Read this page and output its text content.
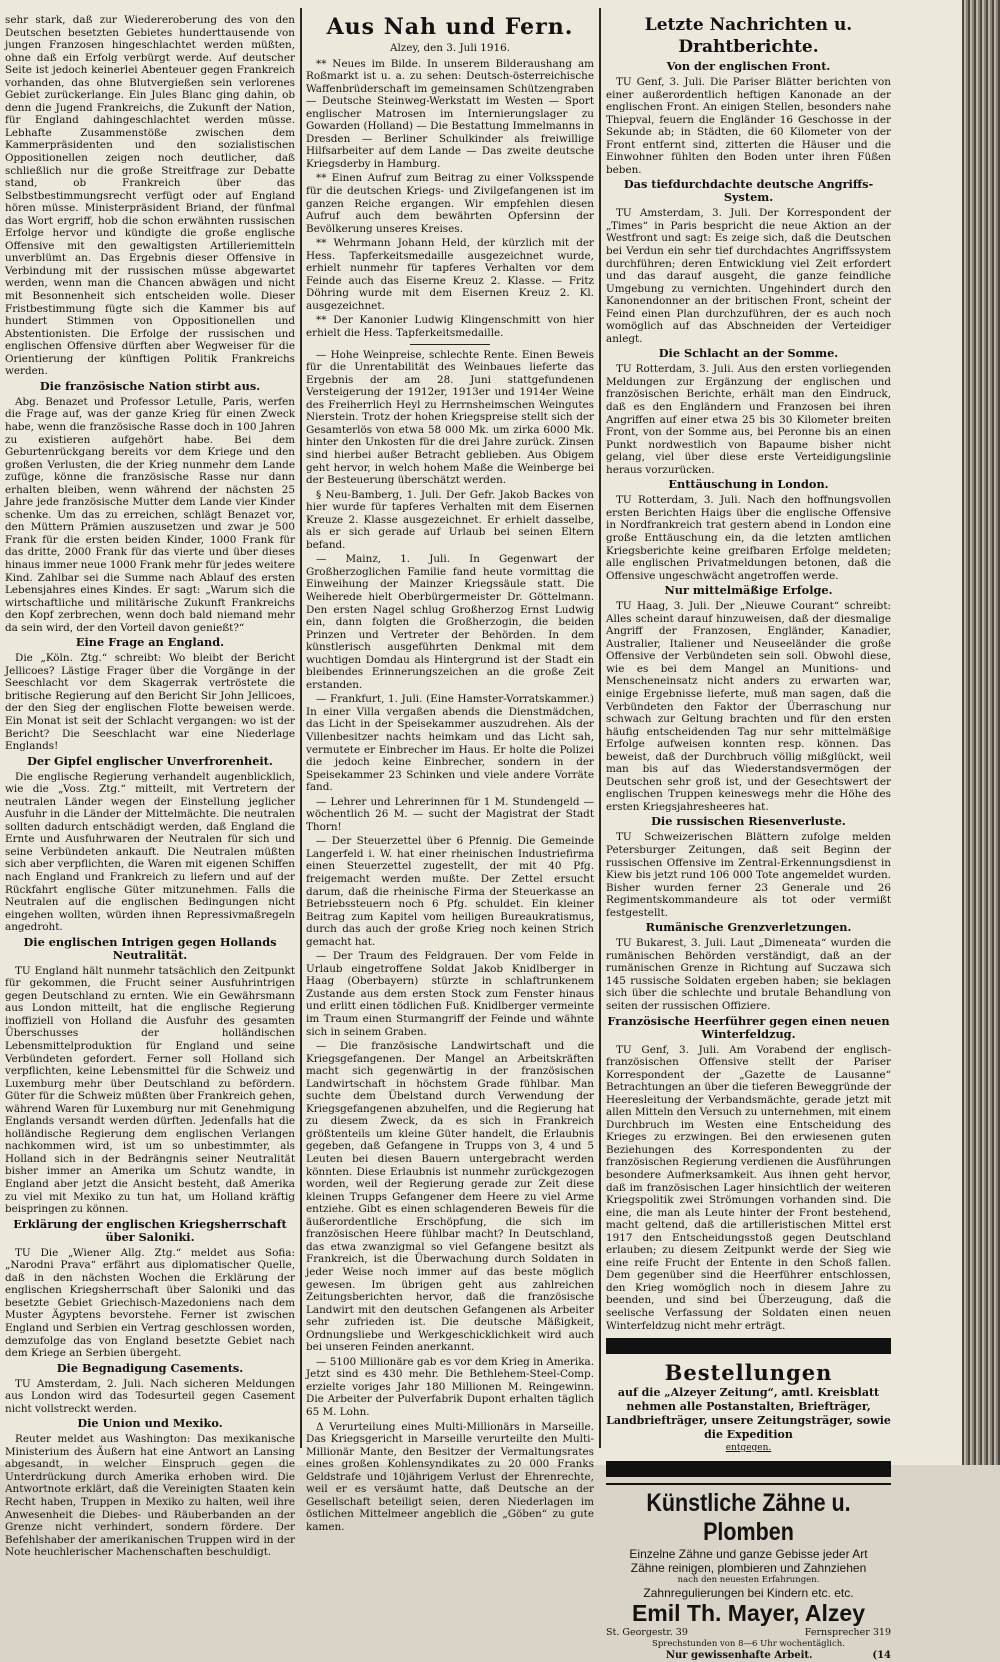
sehr stark, daß zur Wiedereroberung des von den Deutschen besetzten Gebietes hunderttausende von jungen Franzosen hingeschlachtet werden müßten, ohne daß ein Erfolg verbürgt werde. Auf deutscher Seite ist jedoch keinerlei Abenteuer gegen Frankreich vorhanden, das ohne Blutvergießen sein verlorenes Gebiet zurückerlange. Ein Jules Blanc ging dahin, ob denn die Jugend Frankreichs, die Zukunft der Nation, für England dahingeschlachtet werden müsse. Lebhafte Zusammenstöße zwischen dem Kammerpräsidenten und den sozialistischen Oppositionellen zeigen noch deutlicher, daß schließlich nur die große Streitfrage zur Debatte stand, ob Frankreich über das Selbstbestimmungsrecht verfügt oder auf England hören müsse. Ministerpräsident Briand, der fünfmal das Wort ergriff, hob die schon erwähnten russischen Erfolge hervor und kündigte die große englische Offensive mit den gewaltigsten Artilleriemitteln unverblümt an. Das Ergebnis dieser Offensive in Verbindung mit der russischen müsse abgewartet werden, wenn man die Chancen abwägen und nicht mit Besonnenheit sich entscheiden wolle. Dieser Fristbestimmung fügte sich die Kammer bis auf hundert Stimmen von Oppositionellen und Abstentionisten. Die Erfolge der russischen und englischen Offensive dürften aber Wegweiser für die Orientierung der künftigen Politik Frankreichs werden.

Die französische Nation stirbt aus.

Abg. Benazet und Professor Letulle, Paris, werfen die Frage auf, was der ganze Krieg für einen Zweck habe, wenn die französische Rasse doch in 100 Jahren zu existieren aufgehört habe. Bei dem Geburtenrückgang bereits vor dem Kriege und den großen Verlusten, die der Krieg nunmehr dem Lande zufüge, könne die französische Rasse nur dann erhalten bleiben, wenn während der nächsten 25 Jahre jede französische Mutter dem Lande vier Kinder schenke. Um das zu erreichen, schlägt Benazet vor, den Müttern Prämien auszusetzen und zwar je 500 Frank für die ersten beiden Kinder, 1000 Frank für das dritte, 2000 Frank für das vierte und über dieses hinaus immer neue 1000 Frank mehr für jedes weitere Kind. Zahlbar sei die Summe nach Ablauf des ersten Lebensjahres eines Kindes. Er sagt: „Warum sich die wirtschaftliche und militärische Zukunft Frankreichs den Kopf zerbrechen, wenn doch bald niemand mehr da sein wird, der den Vorteil davon genießt?“

Eine Frage an England.

Die „Köln. Ztg.“ schreibt: Wo bleibt der Bericht Jellicoes? Lästige Frager über die Vorgänge in der Seeschlacht vor dem Skagerrak vertröstete die britische Regierung auf den Bericht Sir John Jellicoes, der den Sieg der englischen Flotte beweisen werde. Ein Monat ist seit der Schlacht vergangen: wo ist der Bericht? Die Seeschlacht war eine Niederlage Englands!

Der Gipfel englischer Unverfrorenheit.

Die englische Regierung verhandelt augenblicklich, wie die „Voss. Ztg.“ mitteilt, mit Vertretern der neutralen Länder wegen der Einstellung jeglicher Ausfuhr in die Länder der Mittelmächte. Die neutralen sollten dadurch entschädigt werden, daß England die Ernte und Ausfuhrwaren der Neutralen für sich und seine Verbündeten ankauft. Die Neutralen müßten sich aber verpflichten, die Waren mit eigenen Schiffen nach England und Frankreich zu liefern und auf der Rückfahrt englische Güter mitzunehmen. Falls die Neutralen auf die englischen Bedingungen nicht eingehen wollten, würden ihnen Repressivmaßregeln angedroht.

Die englischen Intrigen gegen Hollands Neutralität.

TU England hält nunmehr tatsächlich den Zeitpunkt für gekommen, die Frucht seiner Ausfuhrintrigen gegen Deutschland zu ernten. Wie ein Gewährsmann aus London mitteilt, hat die englische Regierung inoffiziell von Holland die Ausfuhr des gesamten Überschusses der holländischen Lebensmittelproduktion für England und seine Verbündeten gefordert. Ferner soll Holland sich verpflichten, keine Lebensmittel für die Schweiz und Luxemburg mehr über Deutschland zu befördern. Güter für die Schweiz müßten über Frankreich gehen, während Waren für Luxemburg nur mit Genehmigung Englands versandt werden dürften. Jedenfalls hat die holländische Regierung dem englischen Verlangen nachkommen wird, ist um so unbestimmter, als Holland sich in der Bedrängnis seiner Neutralität bisher immer an Amerika um Schutz wandte, in England aber jetzt die Ansicht besteht, daß Amerika zu viel mit Mexiko zu tun hat, um Holland kräftig beispringen zu können.

Erklärung der englischen Kriegsherrschaft über Saloniki.

TU Die „Wiener Allg. Ztg.“ meldet aus Sofia: „Narodni Prava“ erfährt aus diplomatischer Quelle, daß in den nächsten Wochen die Erklärung der englischen Kriegsherrschaft über Saloniki und das besetzte Gebiet Griechisch-Mazedoniens nach dem Muster Ägyptens bevorstehe. Ferner ist zwischen England und Serbien ein Vertrag geschlossen worden, demzufolge das von England besetzte Gebiet nach dem Kriege an Serbien übergeht.

Die Begnadigung Casements.

TU Amsterdam, 2. Juli. Nach sicheren Meldungen aus London wird das Todesurteil gegen Casement nicht vollstreckt werden.

Die Union und Mexiko.

Reuter meldet aus Washington: Das mexikanische Ministerium des Äußern hat eine Antwort an Lansing abgesandt, in welcher Einspruch gegen die Unterdrückung durch Amerika erhoben wird. Die Antwortnote erklärt, daß die Vereinigten Staaten kein Recht haben, Truppen in Mexiko zu halten, weil ihre Anwesenheit die Diebes- und Räuberbanden an der Grenze nicht verhindert, sondern fördere. Der Befehlshaber der amerikanischen Truppen wird in der Note heuchlerischer Machenschaften beschuldigt.

Aus Nah und Fern.
Alzey, den 3. Juli 1916.

** Neues im Bilde. In unserem Bilderaushang am Roßmarkt ist u. a. zu sehen: Deutsch-österreichische Waffenbrüderschaft im gemeinsamen Schützengraben — Deutsche Steinweg-Werkstatt im Westen — Sport englischer Matrosen im Internierungslager zu Gowarden (Holland) — Die Bestattung Immelmanns in Dresden — Berliner Schulkinder als freiwillige Hilfsarbeiter auf dem Lande — Das zweite deutsche Kriegsderby in Hamburg.

** Einen Aufruf zum Beitrag zu einer Volksspende für die deutschen Kriegs- und Zivilgefangenen ist im ganzen Reiche ergangen. Wir empfehlen diesen Aufruf auch dem bewährten Opfersinn der Bevölkerung unseres Kreises.

** Wehrmann Johann Held, der kürzlich mit der Hess. Tapferkeitsmedaille ausgezeichnet wurde, erhielt nunmehr für tapferes Verhalten vor dem Feinde auch das Eiserne Kreuz 2. Klasse. — Fritz Döhring wurde mit dem Eisernen Kreuz 2. Kl. ausgezeichnet.

** Der Kanonier Ludwig Klingenschmitt von hier erhielt die Hess. Tapferkeitsmedaille.

— Hohe Weinpreise, schlechte Rente. Einen Beweis für die Unrentabilität des Weinbaues lieferte das Ergebnis der am 28. Juni stattgefundenen Versteigerung der 1912er, 1913er und 1914er Weine des Freiherrlich Heyl zu Herrnsheimschen Weingutes Nierstein. Trotz der hohen Kriegspreise stellt sich der Gesamterlös von etwa 58 000 Mk. um zirka 6000 Mk. hinter den Unkosten für die drei Jahre zurück. Zinsen sind hierbei außer Betracht geblieben. Aus Obigem geht hervor, in welch hohem Maße die Weinberge bei der Besteuerung überschätzt werden.

§ Neu-Bamberg, 1. Juli. Der Gefr. Jakob Backes von hier wurde für tapferes Verhalten mit dem Eisernen Kreuze 2. Klasse ausgezeichnet. Er erhielt dasselbe, als er sich gerade auf Urlaub bei seinen Eltern befand.

— Mainz, 1. Juli. In Gegenwart der Großherzoglichen Familie fand heute vormittag die Einweihung der Mainzer Kriegssäule statt. Die Weiherede hielt Oberbürgermeister Dr. Göttelmann. Den ersten Nagel schlug Großherzog Ernst Ludwig ein, dann folgten die Großherzogin, die beiden Prinzen und Vertreter der Behörden. In dem künstlerisch ausgeführten Denkmal mit dem wuchtigen Domdau als Hintergrund ist der Stadt ein bleibendes Erinnerungszeichen an die große Zeit erstanden.

— Frankfurt, 1. Juli. (Eine Hamster-Vorratskammer.) In einer Villa vergaßen abends die Dienstmädchen, das Licht in der Speisekammer auszudrehen. Als der Villenbesitzer nachts heimkam und das Licht sah, vermutete er Einbrecher im Haus. Er holte die Polizei die jedoch keine Einbrecher, sondern in der Speisekammer 23 Schinken und viele andere Vorräte fand.

— Lehrer und Lehrerinnen für 1 M. Stundengeld — wöchentlich 26 M. — sucht der Magistrat der Stadt Thorn!

— Der Steuerzettel über 6 Pfennig. Die Gemeinde Langerfeld i. W. hat einer rheinischen Industriefirma einen Steuerzettel zugestellt, der mit 40 Pfg. freigemacht werden mußte. Der Zettel ersucht darum, daß die rheinische Firma der Steuerkasse an Betriebssteuern noch 6 Pfg. schuldet. Ein kleiner Beitrag zum Kapitel vom heiligen Bureaukratismus, durch das auch der große Krieg noch keinen Strich gemacht hat.

— Der Traum des Feldgrauen. Der vom Felde in Urlaub eingetroffene Soldat Jakob Knidlberger in Haag (Oberbayern) stürzte in schlaftrunkenem Zustande aus dem ersten Stock zum Fenster hinaus und erlitt einen tödlichen Fuß. Knidlberger vermeinte im Traum einen Sturmangriff der Feinde und wähnte sich in seinem Graben.

— Die französische Landwirtschaft und die Kriegsgefangenen. Der Mangel an Arbeitskräften macht sich gegenwärtig in der französischen Landwirtschaft in höchstem Grade fühlbar. Man suchte dem Übelstand durch Verwendung der Kriegsgefangenen abzuhelfen, und die Regierung hat zu diesem Zweck, da es sich in Frankreich größtenteils um kleine Güter handelt, die Erlaubnis gegeben, daß Gefangene in Trupps von 3, 4 und 5 Leuten bei diesen Bauern untergebracht werden könnten. Diese Erlaubnis ist nunmehr zurückgezogen worden, weil der Regierung gerade zur Zeit diese kleinen Trupps Gefangener dem Heere zu viel Arme entziehe. Gibt es einen schlagenderen Beweis für die äußerordentliche Erschöpfung, die sich im französischen Heere fühlbar macht? In Deutschland, das etwa zwanzigmal so viel Gefangene besitzt als Frankreich, ist die Überwachung durch Soldaten in jeder Weise noch immer auf das beste möglich gewesen. Im übrigen geht aus zahlreichen Zeitungsberichten hervor, daß die französische Landwirt mit den deutschen Gefangenen als Arbeiter sehr zufrieden ist. Die deutsche Mäßigkeit, Ordnungsliebe und Werkgeschicklichkeit wird auch bei unseren Feinden anerkannt.

— 5100 Millionäre gab es vor dem Krieg in Amerika. Jetzt sind es 430 mehr. Die Bethlehem-Steel-Comp. erzielte voriges Jahr 180 Millionen M. Reingewinn. Die Arbeiter der Pulverfabrik Dupont erhalten täglich 65 M. Lohn.

Δ Verurteilung eines Multi-Millionärs in Marseille. Das Kriegsgericht in Marseille verurteilte den Multi-Millionär Mante, den Besitzer der Vermaltungsrates eines großen Kohlensyndikates zu 20 000 Franks Geldstrafe und 10jährigem Verlust der Ehrenrechte, weil er es versäumt hatte, daß Deutsche an der Gesellschaft beteiligt seien, deren Niederlagen im östlichen Mittelmeer angeblich die „Göben“ zu gute kamen.

Letzte Nachrichten u. Drahtberichte.
Von der englischen Front.

TU Genf, 3. Juli. Die Pariser Blätter berichten von einer außerordentlich heftigen Kanonade an der englischen Front. An einigen Stellen, besonders nahe Thiepval, feuern die Engländer 16 Geschosse in der Sekunde ab; in Städten, die 60 Kilometer von der Front entfernt sind, zitterten die Häuser und die Einwohner fühlten den Boden unter ihren Füßen beben.

Das tiefdurchdachte deutsche Angriffs-System.

TU Amsterdam, 3. Juli. Der Korrespondent der „Times“ in Paris bespricht die neue Aktion an der Westfront und sagt: Es zeige sich, daß die Deutschen bei Verdun ein sehr tief durchdachtes Angriffssystem durchführen; deren Entwicklung viel Zeit erfordert und das darauf ausgeht, die ganze feindliche Umgebung zu vernichten. Ungehindert durch den Kanonendonner an der britischen Front, scheint der Feind einen Plan durchzuführen, der es auch noch womöglich auf das Abschneiden der Verteidiger anlegt.

Die Schlacht an der Somme.

TU Rotterdam, 3. Juli. Aus den ersten vorliegenden Meldungen zur Ergänzung der englischen und französischen Berichte, erhält man den Eindruck, daß es den Engländern und Franzosen bei ihren Angriffen auf einer etwa 25 bis 30 Kilometer breiten Front, von der Somme aus, bei Peronne bis an einen Punkt nordwestlich von Bapaume bisher nicht gelang, viel über diese erste Verteidigungslinie heraus vorzurücken.

Enttäuschung in London.

TU Rotterdam, 3. Juli. Nach den hoffnungsvollen ersten Berichten Haigs über die englische Offensive in Nordfrankreich trat gestern abend in London eine große Enttäuschung ein, da die letzten amtlichen Kriegsberichte keine greifbaren Erfolge meldeten; alle englischen Privatmeldungen betonen, daß die Offensive ungeschwächt angetroffen werde.

Nur mittelmäßige Erfolge.

TU Haag, 3. Juli. Der „Nieuwe Courant“ schreibt: Alles scheint darauf hinzuweisen, daß der diesmalige Angriff der Franzosen, Engländer, Kanadier, Australier, Italiener und Neuseeländer die große Offensive der Verbündeten sein soll. Obwohl diese, wie es bei dem Mangel an Munitions- und Menscheneinsatz nicht anders zu erwarten war, einige Ergebnisse lieferte, muß man sagen, daß die Verbündeten den Faktor der Überraschung nur schwach zur Geltung brachten und für den ersten häufig entscheidenden Tag nur sehr mittelmäßige Erfolge aufweisen konnten resp. können. Das beweist, daß der Durchbruch völlig mißglückt, weil man bis auf das Wiederstandsvermögen der Deutschen sehr groß ist, und der Gesechtswert der englischen Truppen keineswegs mehr die Höhe des ersten Kriegsjahresheeres hat.

Die russischen Riesenverluste.

TU Schweizerischen Blättern zufolge melden Petersburger Zeitungen, daß seit Beginn der russischen Offensive im Zentral-Erkennungsdienst in Kiew bis jetzt rund 106 000 Tote angemeldet wurden. Bisher wurden ferner 23 Generale und 26 Regimentskommandeure als tot oder vermißt festgestellt.

Rumänische Grenzverletzungen.

TU Bukarest, 3. Juli. Laut „Dimeneata“ wurden die rumänischen Behörden verständigt, daß an der rumänischen Grenze in Richtung auf Suczawa sich 145 russische Soldaten ergeben haben; sie beklagen sich über die schlechte und brutale Behandlung von seiten der russischen Offiziere.

Französische Heerführer gegen einen neuen Winterfeldzug.

TU Genf, 3. Juli. Am Vorabend der englisch-französischen Offensive stellt der Pariser Korrespondent der „Gazette de Lausanne“ Betrachtungen an über die tieferen Beweggründe der Heeresleitung der Verbandsmächte, gerade jetzt mit allen Mitteln den Versuch zu unternehmen, mit einem Durchbruch im Westen eine Entscheidung des Krieges zu erzwingen. Bei den erwiesenen guten Beziehungen des Korrespondenten zu der französischen Regierung verdienen die Ausführungen besondere Aufmerksamkeit. Aus ihnen geht hervor, daß im französischen Lager hinsichtlich der weiteren Kriegspolitik zwei Strömungen vorhanden sind. Die eine, die man als Leute hinter der Front bestehend, macht geltend, daß die artilleristischen Mittel erst 1917 den Entscheidungsstoß gegen Deutschland erlauben; zu diesem Zeitpunkt werde der Sieg wie eine reife Frucht der Entente in den Schoß fallen. Dem gegenüber sind die Heerführer entschlossen, den Krieg womöglich noch in diesem Jahre zu beenden, und sind bei Überzeugung, daß die seelische Verfassung der Soldaten einen neuen Winterfeldzug nicht mehr erträgt.

Bestellungen
auf die „Alzeyer Zeitung“, amtl. Kreisblatt nehmen alle Postanstalten, Briefträger, Landbriefträger, unsere Zeitungsträger, sowie die Expedition
entgegen.
Künstliche Zähne u. Plomben
Einzelne Zähne und ganze Gebisse jeder Art
Zähne reinigen, plombieren und Zahnziehen
nach den neuesten Erfahrungen.
Zahnregulierungen bei Kindern etc. etc.
Emil Th. Mayer, Alzey
St. Georgestr. 39	Fernsprecher 319
Sprechstunden von 8—6 Uhr wochentäglich.
Nur gewissenhafte Arbeit.	(14
